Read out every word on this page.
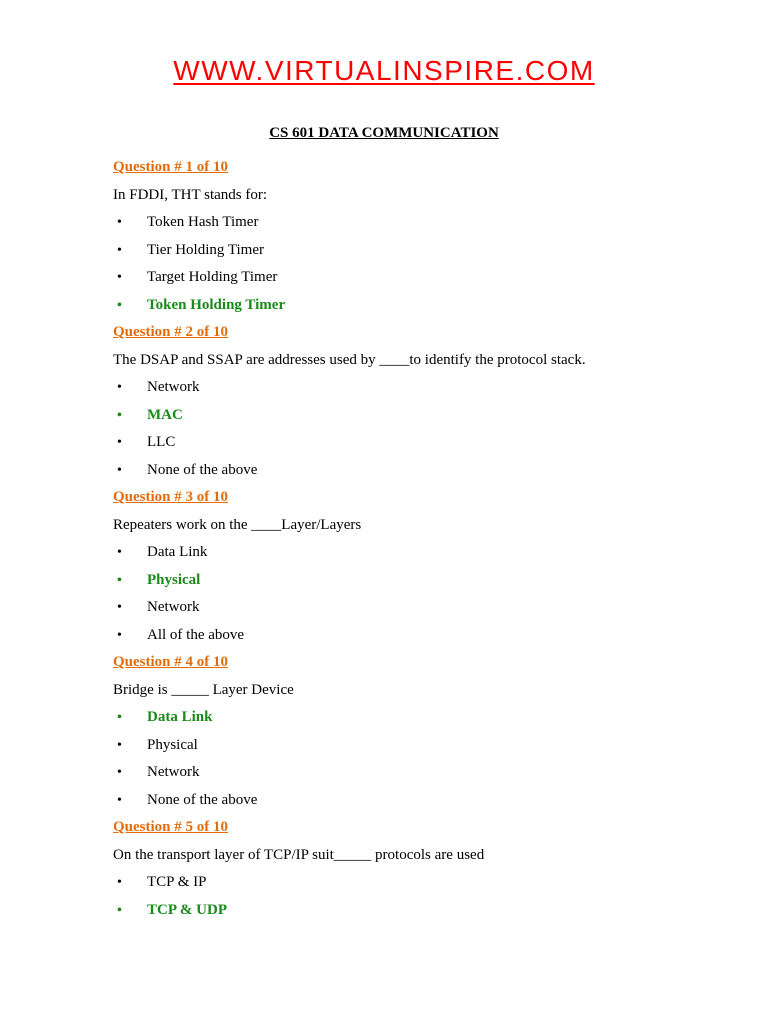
WWW.VIRTUALINSPIRE.COM
CS 601 DATA COMMUNICATION
Question # 1 of 10
In FDDI, THT stands for:
•	Token Hash Timer
•	Tier Holding Timer
•	Target Holding Timer
•	Token Holding Timer
Question # 2 of 10
The DSAP and SSAP are addresses used by ____to identify the protocol stack.
•	Network
•	MAC
•	LLC
•	None of the above
Question # 3 of 10
Repeaters work on the ____Layer/Layers
•	Data Link
•	Physical
•	Network
•	All of the above
Question # 4 of 10
Bridge is _____ Layer Device
•	Data Link
•	Physical
•	Network
•	None of the above
Question # 5 of 10
On the transport layer of TCP/IP suit_____ protocols are used
•	TCP & IP
•	TCP & UDP
